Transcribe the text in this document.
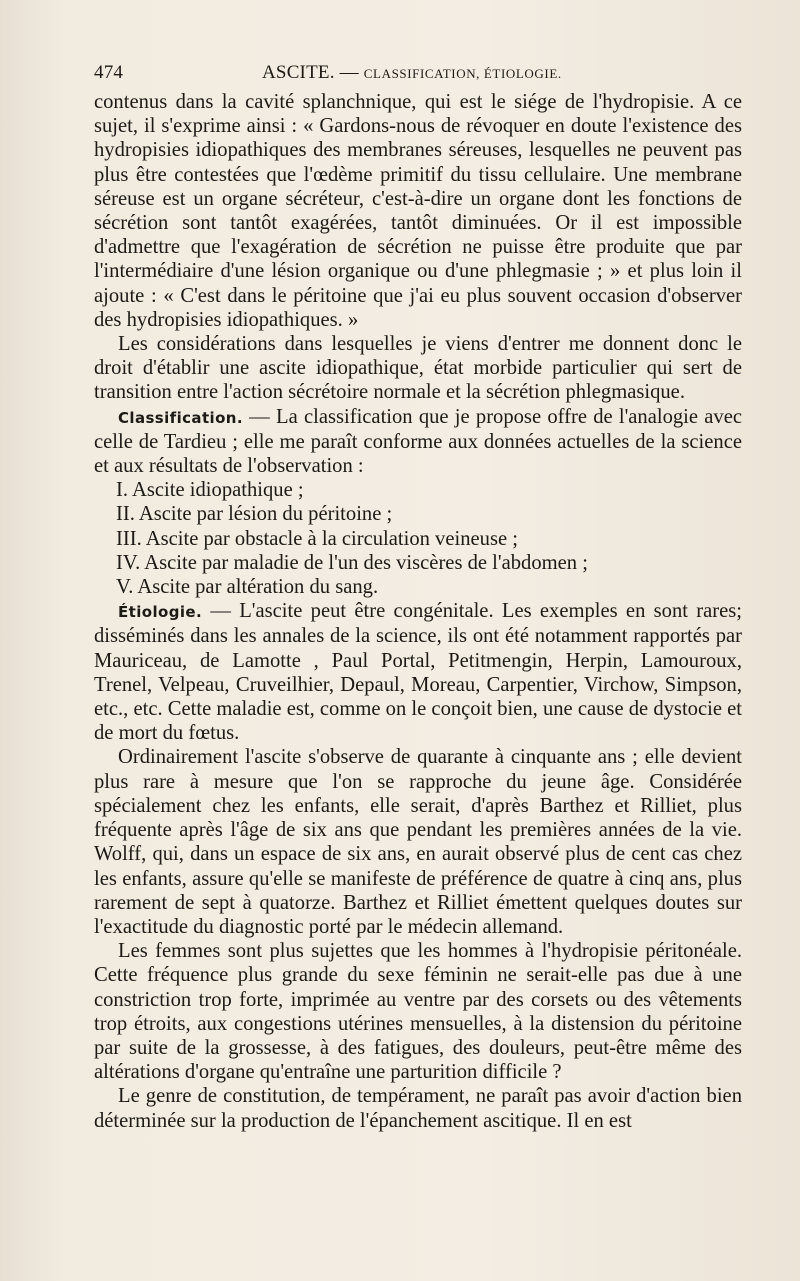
474	ASCITE. — CLASSIFICATION, ÉTIOLOGIE.

contenus dans la cavité splanchnique, qui est le siége de l'hydropisie. A ce sujet, il s'exprime ainsi : « Gardons-nous de révoquer en doute l'existence des hydropisies idiopathiques des membranes séreuses, lesquelles ne peuvent pas plus être contestées que l'œdème primitif du tissu cellulaire. Une membrane séreuse est un organe sécréteur, c'est-à-dire un organe dont les fonctions de sécrétion sont tantôt exagérées, tantôt diminuées. Or il est impossible d'admettre que l'exagération de sécrétion ne puisse être produite que par l'intermédiaire d'une lésion organique ou d'une phlegmasie ; » et plus loin il ajoute : « C'est dans le péritoine que j'ai eu plus souvent occasion d'observer des hydropisies idiopathiques. »

Les considérations dans lesquelles je viens d'entrer me donnent donc le droit d'établir une ascite idiopathique, état morbide particulier qui sert de transition entre l'action sécrétoire normale et la sécrétion phlegmasique.

Classification. — La classification que je propose offre de l'analogie avec celle de Tardieu ; elle me paraît conforme aux données actuelles de la science et aux résultats de l'observation :

I. Ascite idiopathique ;
II. Ascite par lésion du péritoine ;
III. Ascite par obstacle à la circulation veineuse ;
IV. Ascite par maladie de l'un des viscères de l'abdomen ;
V. Ascite par altération du sang.

Étiologie. — L'ascite peut être congénitale. Les exemples en sont rares; disséminés dans les annales de la science, ils ont été notamment rapportés par Mauriceau, de Lamotte , Paul Portal, Petitmengin, Herpin, Lamouroux, Trenel, Velpeau, Cruveilhier, Depaul, Moreau, Carpentier, Virchow, Simpson, etc., etc. Cette maladie est, comme on le conçoit bien, une cause de dystocie et de mort du fœtus.

Ordinairement l'ascite s'observe de quarante à cinquante ans ; elle devient plus rare à mesure que l'on se rapproche du jeune âge. Considérée spécialement chez les enfants, elle serait, d'après Barthez et Rilliet, plus fréquente après l'âge de six ans que pendant les premières années de la vie. Wolff, qui, dans un espace de six ans, en aurait observé plus de cent cas chez les enfants, assure qu'elle se manifeste de préférence de quatre à cinq ans, plus rarement de sept à quatorze. Barthez et Rilliet émettent quelques doutes sur l'exactitude du diagnostic porté par le médecin allemand.

Les femmes sont plus sujettes que les hommes à l'hydropisie péritonéale. Cette fréquence plus grande du sexe féminin ne serait-elle pas due à une constriction trop forte, imprimée au ventre par des corsets ou des vêtements trop étroits, aux congestions utérines mensuelles, à la distension du péritoine par suite de la grossesse, à des fatigues, des douleurs, peut-être même des altérations d'organe qu'entraîne une parturition difficile ?

Le genre de constitution, de tempérament, ne paraît pas avoir d'action bien déterminée sur la production de l'épanchement ascitique. Il en est
